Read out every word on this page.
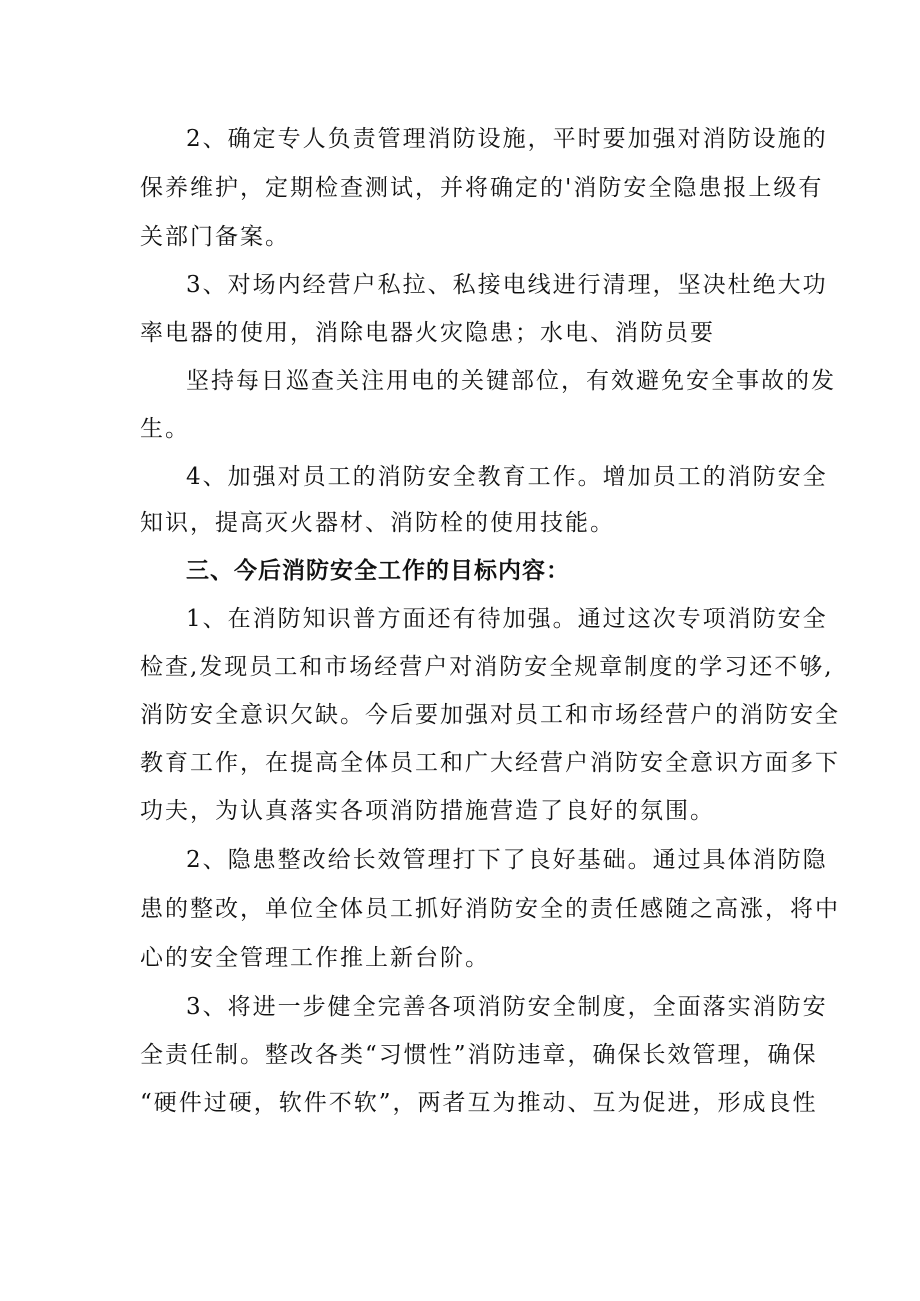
2、确定专人负责管理消防设施，平时要加强对消防设施的
保养维护，定期检查测试，并将确定的'消防安全隐患报上级有
关部门备案。
3、对场内经营户私拉、私接电线进行清理，坚决杜绝大功
率电器的使用，消除电器火灾隐患；水电、消防员要
坚持每日巡查关注用电的关键部位，有效避免安全事故的发
生。
4、加强对员工的消防安全教育工作。增加员工的消防安全
知识，提高灭火器材、消防栓的使用技能。
三、今后消防安全工作的目标内容：
1、在消防知识普方面还有待加强。通过这次专项消防安全
检查,发现员工和市场经营户对消防安全规章制度的学习还不够,
消防安全意识欠缺。今后要加强对员工和市场经营户的消防安全
教育工作，在提高全体员工和广大经营户消防安全意识方面多下
功夫，为认真落实各项消防措施营造了良好的氛围。
2、隐患整改给长效管理打下了良好基础。通过具体消防隐
患的整改，单位全体员工抓好消防安全的责任感随之高涨，将中
心的安全管理工作推上新台阶。
3、将进一步健全完善各项消防安全制度，全面落实消防安
全责任制。整改各类“习惯性”消防违章，确保长效管理，确保
“硬件过硬，软件不软”，两者互为推动、互为促进，形成良性
